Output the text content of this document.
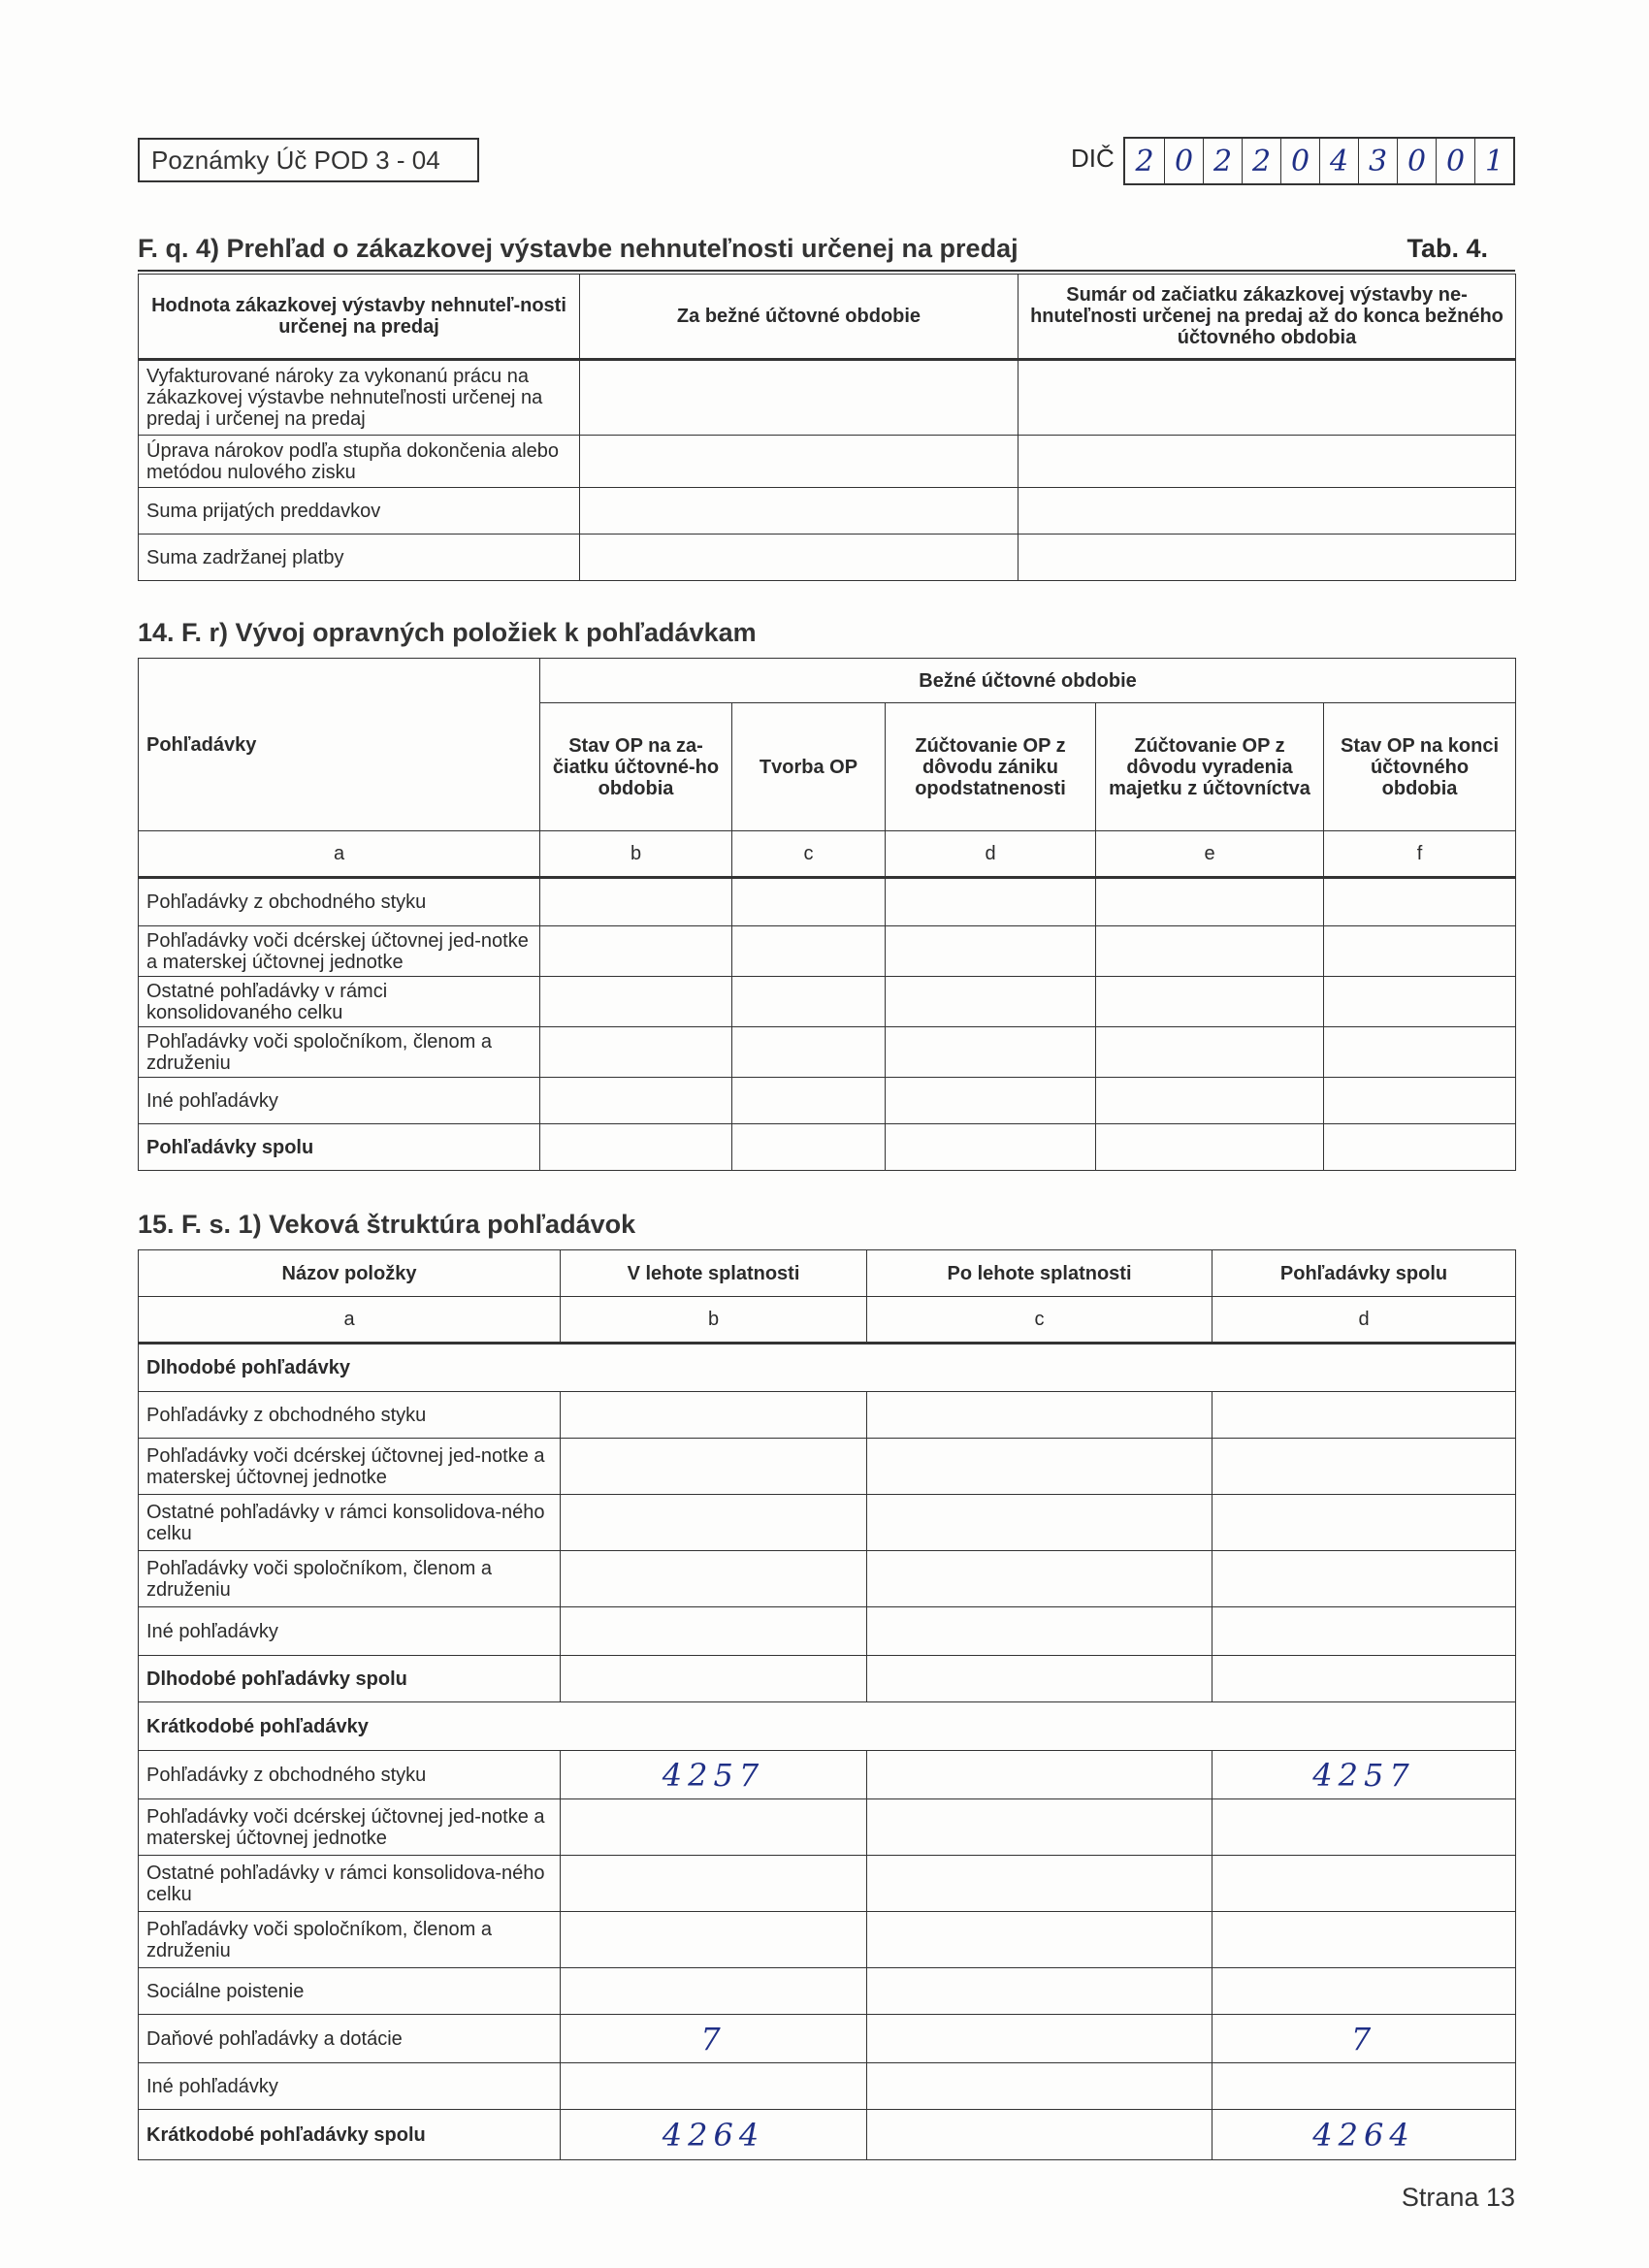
Poznámky Úč POD 3 - 04	DIČ 2 0 2 2 0 4 3 0 0 1
F. q. 4) Prehľad o zákazkovej výstavbe nehnuteľnosti určenej na predaj	Tab. 4.
Hodnota zákazkovej výstavby nehnuteľ-nosti určenej na predaj	Za bežné účtovné obdobie	Sumár od začiatku zákazkovej výstavby ne-hnuteľnosti určenej na predaj až do konca bežného účtovného obdobia
Vyfakturované nároky za vykonanú prácu na zákazkovej výstavbe nehnuteľnosti určenej na predaj i určenej na predaj		
Úprava nárokov podľa stupňa dokončenia alebo metódou nulového zisku		
Suma prijatých preddavkov		
Suma zadržanej platby		
14. F. r) Vývoj opravných položiek k pohľadávkam
Pohľadávky	Bežné účtovné obdobie				
	Stav OP na za-čiatku účtovné-ho obdobia	Tvorba OP	Zúčtovanie OP z dôvodu zániku opodstatnenosti	Zúčtovanie OP z dôvodu vyradenia majetku z účtovníctva	Stav OP na konci účtovného obdobia
a	b	c	d	e	f
Pohľadávky z obchodného styku					
Pohľadávky voči dcérskej účtovnej jed-notke a materskej účtovnej jednotke					
Ostatné pohľadávky v rámci konsolidovaného celku					
Pohľadávky voči spoločníkom, členom a združeniu					
Iné pohľadávky					
Pohľadávky spolu					
15. F. s. 1) Veková štruktúra pohľadávok
Názov položky	V lehote splatnosti	Po lehote splatnosti	Pohľadávky spolu
a	b	c	d
Dlhodobé pohľadávky			
Pohľadávky z obchodného styku			
Pohľadávky voči dcérskej účtovnej jed-notke a materskej účtovnej jednotke			
Ostatné pohľadávky v rámci konsolidova-ného celku			
Pohľadávky voči spoločníkom, členom a združeniu			
Iné pohľadávky			
Dlhodobé pohľadávky spolu			
Krátkodobé pohľadávky			
Pohľadávky z obchodného styku	4257		4257
Pohľadávky voči dcérskej účtovnej jed-notke a materskej účtovnej jednotke			
Ostatné pohľadávky v rámci konsolidova-ného celku			
Pohľadávky voči spoločníkom, členom a združeniu			
Sociálne poistenie			
Daňové pohľadávky a dotácie	7		7
Iné pohľadávky			
Krátkodobé pohľadávky spolu	4264		4264
Strana 13
